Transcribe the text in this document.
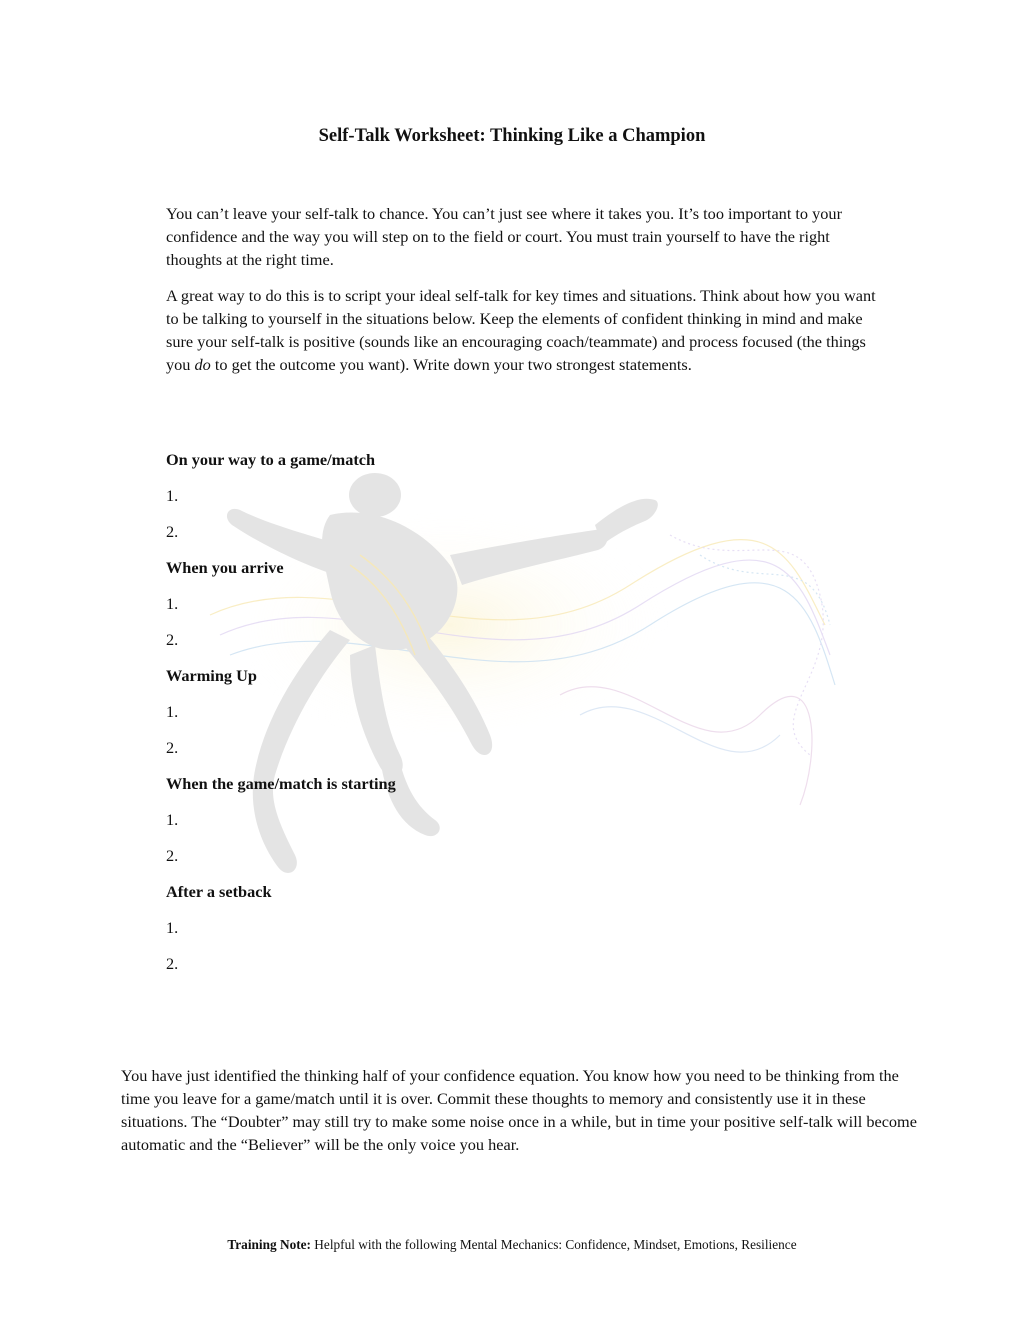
Self-Talk Worksheet: Thinking Like a Champion

You can’t leave your self-talk to chance. You can’t just see where it takes you. It’s too important to your confidence and the way you will step on to the field or court. You must train yourself to have the right thoughts at the right time.

A great way to do this is to script your ideal self-talk for key times and situations. Think about how you want to be talking to yourself in the situations below. Keep the elements of confident thinking in mind and make sure your self-talk is positive (sounds like an encouraging coach/teammate) and process focused (the things you do to get the outcome you want). Write down your two strongest statements.

On your way to a game/match
1.
2.
When you arrive
1.
2.
Warming Up
1.
2.
When the game/match is starting
1.
2.
After a setback
1.
2.

You have just identified the thinking half of your confidence equation. You know how you need to be thinking from the time you leave for a game/match until it is over. Commit these thoughts to memory and consistently use it in these situations. The “Doubter” may still try to make some noise once in a while, but in time your positive self-talk will become automatic and the “Believer” will be the only voice you hear.

Training Note: Helpful with the following Mental Mechanics: Confidence, Mindset, Emotions, Resilience
